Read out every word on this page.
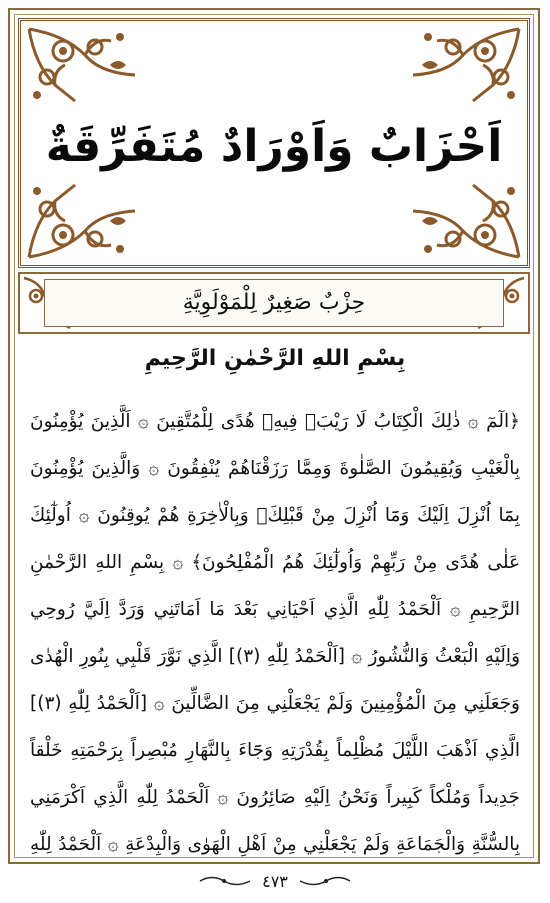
اَحْزَابٌ وَاَوْرَادٌ مُتَفَرِّقَةٌ
حِزْبٌ صَغِيرٌ لِلْمَوْلَوِيَّةِ
بِسْمِ اللهِ الرَّحْمٰنِ الرَّحِيمِ
﴿الٓمٓ ۞ ذٰلِكَ الْكِتَابُ لَا رَيْبَۛ فِيهِۛ هُدًى لِلْمُتَّقِينَ ۞ اَلَّذِينَ يُؤْمِنُونَ
بِالْغَيْبِ وَيُقِيمُونَ الصَّلٰوةَ وَمِمَّا رَزَقْنَاهُمْ يُنْفِقُونَ ۞ وَالَّذِينَ يُؤْمِنُونَ
بِمَٓا اُنْزِلَ اِلَيْكَ وَمَٓا اُنْزِلَ مِنْ قَبْلِكَۚ وَبِالْاٰخِرَةِ هُمْ يُوقِنُونَ ۞ اُولٰٓئِكَ
عَلٰى هُدًى مِنْ رَبِّهِمْ وَاُولٰٓئِكَ هُمُ الْمُفْلِحُونَ﴾ ۞ بِسْمِ اللهِ الرَّحْمٰنِ
الرَّحِيمِ ۞ اَلْحَمْدُ لِلّٰهِ الَّذِي اَحْيَانِي بَعْدَ مَا اَمَاتَنِي وَرَدَّ اِلَيَّ رُوحِي
وَاِلَيْهِ الْبَعْثُ وَالنُّشُورُ ۞ [اَلْحَمْدُ لِلّٰهِ (٣)] الَّذِي نَوَّرَ قَلْبِي بِنُورِ الْهُدٰى
وَجَعَلَنِي مِنَ الْمُؤْمِنِينَ وَلَمْ يَجْعَلْنِي مِنَ الضَّالِّينَ ۞ [اَلْحَمْدُ لِلّٰهِ (٣)]
الَّذِي اَذْهَبَ اللَّيْلَ مُظْلِماً بِقُدْرَتِهِ وَجَٓاءَ بِالنَّهَارِ مُبْصِراً بِرَحْمَتِهِ خَلْقاً
جَدِيداً وَمُلْكاً كَبِيراً وَنَحْنُ اِلَيْهِ صَائِرُونَ ۞ اَلْحَمْدُ لِلّٰهِ الَّذِي اَكْرَمَنِي
بِالسُّنَّةِ وَالْجَمَاعَةِ وَلَمْ يَجْعَلْنِي مِنْ اَهْلِ الْهَوٰى وَالْبِدْعَةِ ۞ اَلْحَمْدُ لِلّٰهِ
٤٧٣
